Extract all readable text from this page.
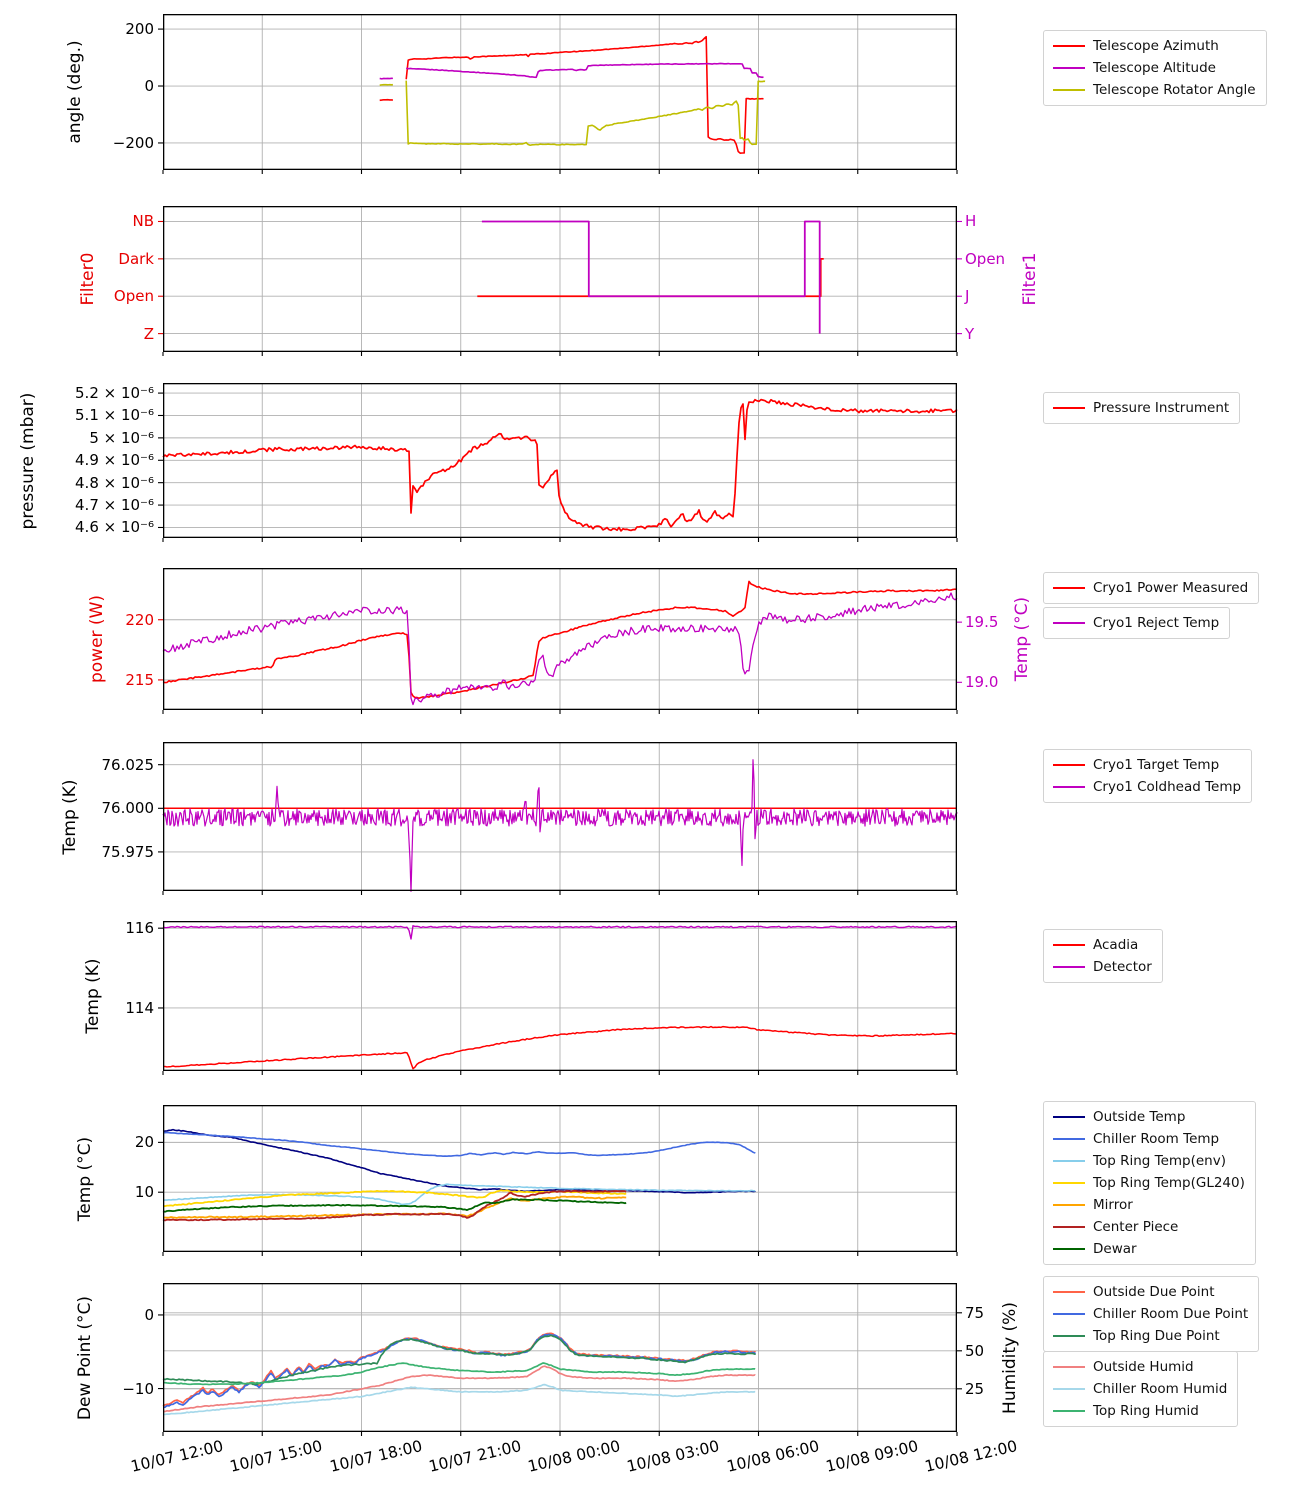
200
0
−200
angle (deg.)	Telescope Azimuth
Telescope Altitude
Telescope Rotator Angle
NB
Dark
Open
Z
H
Open
J
Y
Filter0	Filter1
5.2 × 10⁻⁶
5.1 × 10⁻⁶
5 × 10⁻⁶
4.9 × 10⁻⁶
4.8 × 10⁻⁶
4.7 × 10⁻⁶
4.6 × 10⁻⁶
pressure (mbar)	Pressure Instrument
220
215
19.5
19.0
power (W)	Temp (°C)
Cryo1 Power Measured
Cryo1 Reject Temp
76.025
76.000
75.975
Temp (K)
Cryo1 Target Temp
Cryo1 Coldhead Temp
116
114
Temp (K)
Acadia
Detector
20
10
Temp (°C)
Outside Temp
Chiller Room Temp
Top Ring Temp(env)
Top Ring Temp(GL240)
Mirror
Center Piece
Dewar
0
−10
75
50
25
Dew Point (°C)	Humidity (%)
Outside Due Point
Chiller Room Due Point
Top Ring Due Point
Outside Humid
Chiller Room Humid
Top Ring Humid
10/07 12:00 10/07 15:00 10/07 18:00 10/07 21:00 10/08 00:00 10/08 03:00 10/08 06:00 10/08 09:00 10/08 12:00
